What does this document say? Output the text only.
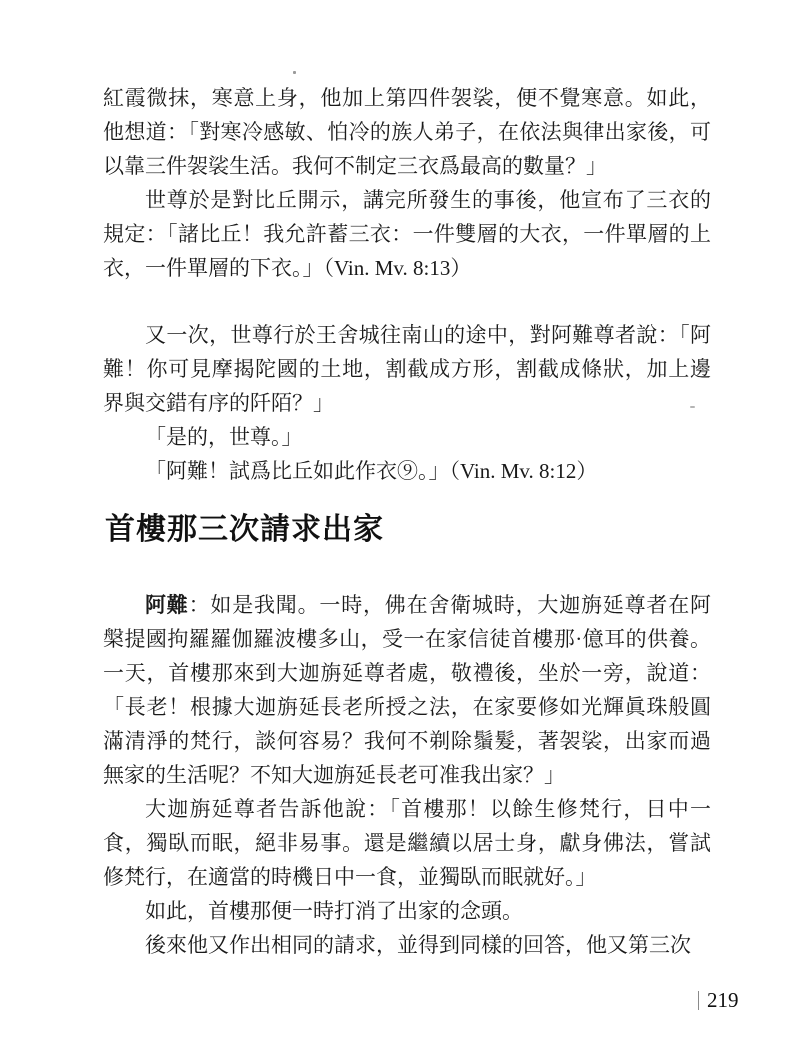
紅霞微抹，寒意上身，他加上第四件袈裟，便不覺寒意。如此，他想道：「對寒冷感敏、怕冷的族人弟子，在依法與律出家後，可以靠三件袈裟生活。我何不制定三衣爲最高的數量？」

世尊於是對比丘開示，講完所發生的事後，他宣布了三衣的規定：「諸比丘！我允許蓄三衣：一件雙層的大衣，一件單層的上衣，一件單層的下衣。」（Vin. Mv. 8:13）

又一次，世尊行於王舍城往南山的途中，對阿難尊者說：「阿難！你可見摩揭陀國的土地，割截成方形，割截成條狀，加上邊界與交錯有序的阡陌？」

「是的，世尊。」

「阿難！試爲比丘如此作衣⑨。」（Vin. Mv. 8:12）

首樓那三次請求出家

阿難：如是我聞。一時，佛在舍衛城時，大迦旃延尊者在阿槃提國拘羅羅伽羅波樓多山，受一在家信徒首樓那·億耳的供養。一天，首樓那來到大迦旃延尊者處，敬禮後，坐於一旁，說道：「長老！根據大迦旃延長老所授之法，在家要修如光輝眞珠般圓滿清淨的梵行，談何容易？我何不剃除鬚髮，著袈裟，出家而過無家的生活呢？不知大迦旃延長老可准我出家？」

大迦旃延尊者告訴他說：「首樓那！以餘生修梵行，日中一食，獨臥而眠，絕非易事。還是繼續以居士身，獻身佛法，嘗試修梵行，在適當的時機日中一食，並獨臥而眠就好。」

如此，首樓那便一時打消了出家的念頭。

後來他又作出相同的請求，並得到同樣的回答，他又第三次

219
